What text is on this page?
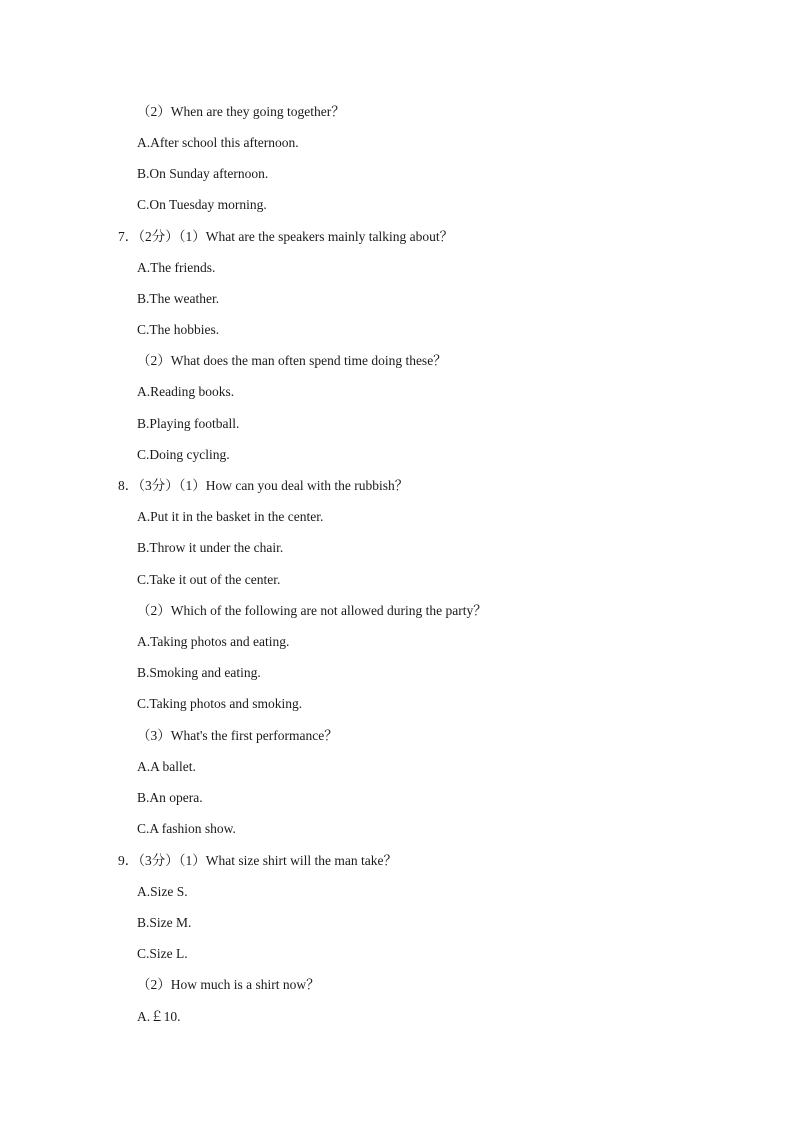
（2）When are they going together？
A.After school this afternoon.
B.On Sunday afternoon.
C.On Tuesday morning.
7．（2分）（1）What are the speakers mainly talking about？
A.The friends.
B.The weather.
C.The hobbies.
（2）What does the man often spend time doing these？
A.Reading books.
B.Playing football.
C.Doing cycling.
8．（3分）（1）How can you deal with the rubbish？
A.Put it in the basket in the center.
B.Throw it under the chair.
C.Take it out of the center.
（2）Which of the following are not allowed during the party？
A.Taking photos and eating.
B.Smoking and eating.
C.Taking photos and smoking.
（3）What's the first performance？
A.A ballet.
B.An opera.
C.A fashion show.
9．（3分）（1）What size shirt will the man take？
A.Size S.
B.Size M.
C.Size L.
（2）How much is a shirt now？
A.￡10.
